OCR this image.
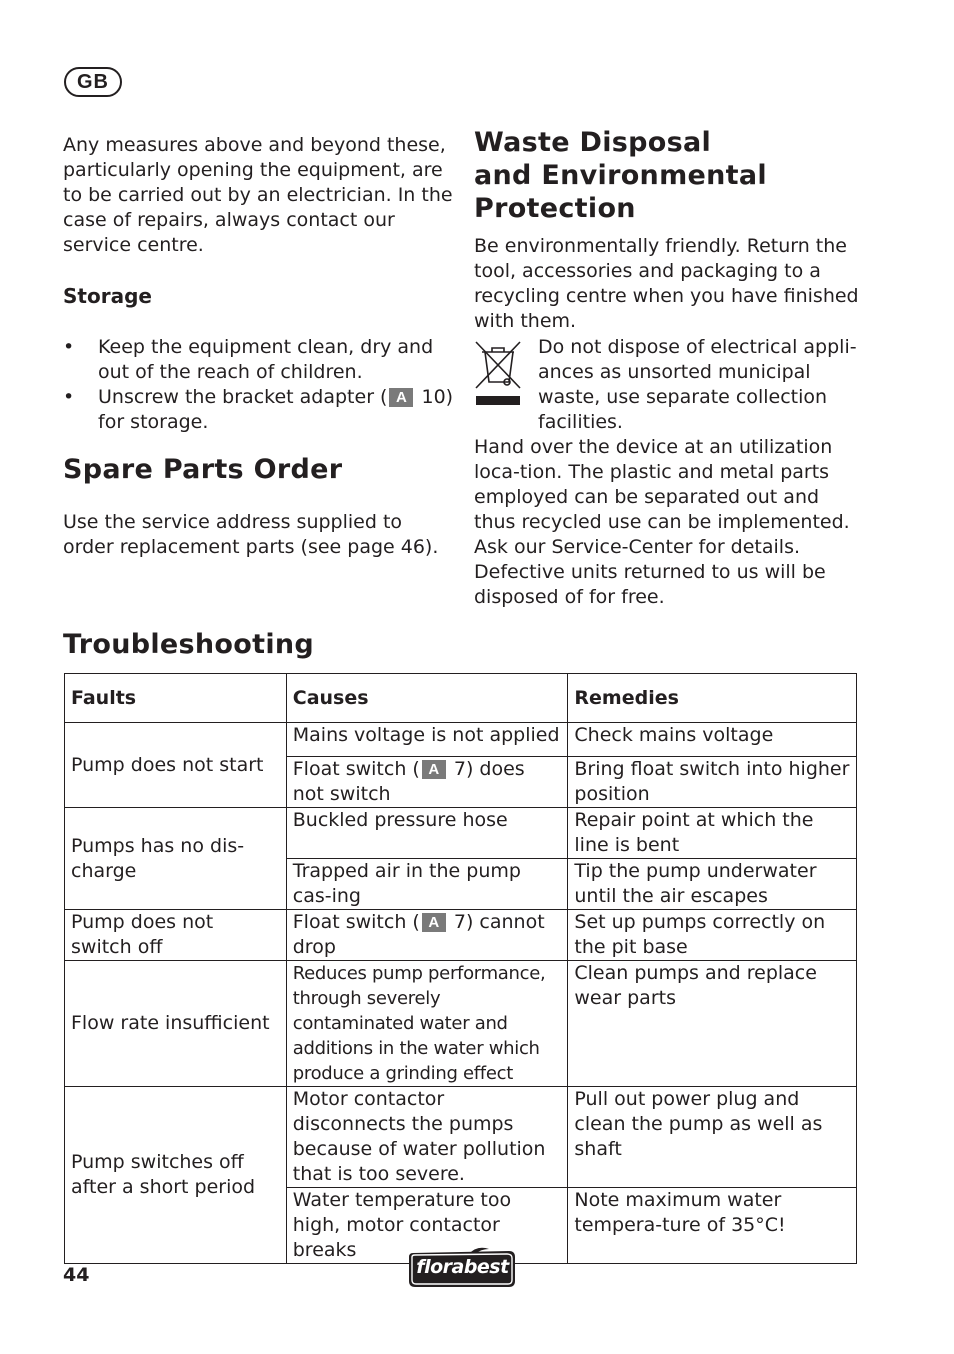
GB
Any measures above and beyond these, particularly opening the equipment, are to be carried out by an electrician. In the case of repairs, always contact our service centre.
Storage
• Keep the equipment clean, dry and out of the reach of children.
• Unscrew the bracket adapter ( A 10) for storage.
Spare Parts Order
Use the service address supplied to order replacement parts (see page 46).
Waste Disposal
and Environmental
Protection
Be environmentally friendly. Return the tool, accessories and packaging to a recycling centre when you have finished with them.
Do not dispose of electrical appli-ances as unsorted municipal waste, use separate collection facilities.
Hand over the device at an utilization loca-tion. The plastic and metal parts employed can be separated out and thus recycled use can be implemented. Ask our Service-Center for details. Defective units returned to us will be disposed of for free.
Troubleshooting
Faults	Causes	Remedies
Pump does not start	Mains voltage is not applied	Check mains voltage
	Float switch ( A 7) does not switch	Bring float switch into higher position
Pumps has no dis-charge	Buckled pressure hose	Repair point at which the line is bent
	Trapped air in the pump cas-ing	Tip the pump underwater until the air escapes
Pump does not switch off	Float switch ( A 7) cannot drop	Set up pumps correctly on the pit base
Flow rate insufficient	Reduces pump performance, through severely contaminated water and additions in the water which produce a grinding effect	Clean pumps and replace wear parts
Pump switches off after a short period	Motor contactor disconnects the pumps because of water pollution that is too severe.	Pull out power plug and clean the pump as well as shaft
	Water temperature too high, motor contactor breaks	Note maximum water tempera-ture of 35°C!
44	florabest
